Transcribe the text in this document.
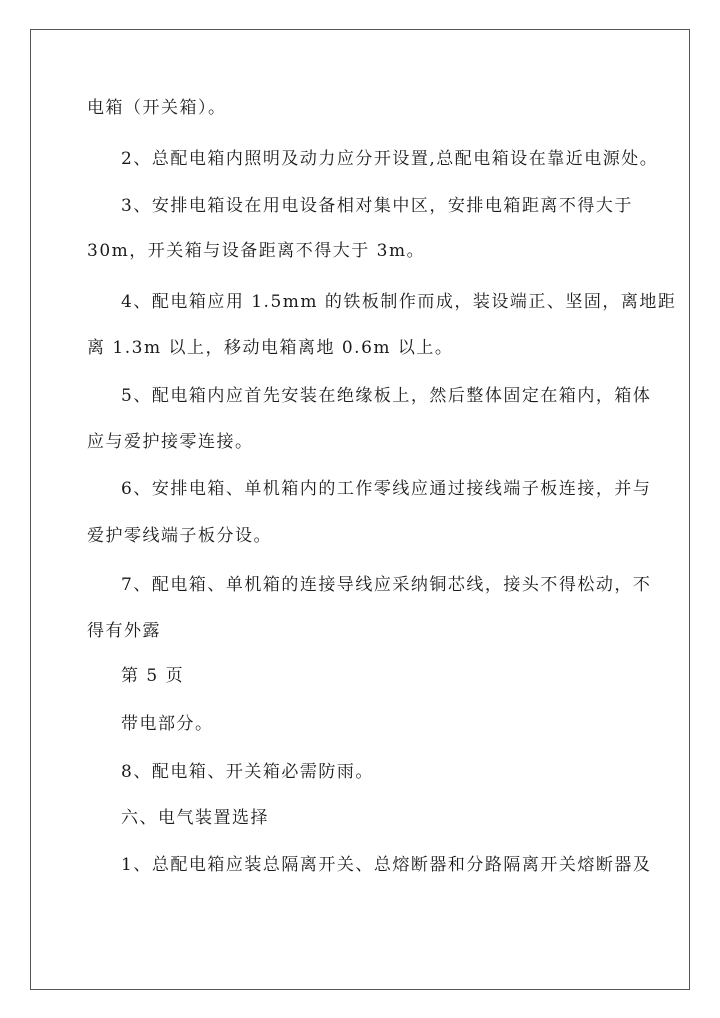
电箱（开关箱）。
2、总配电箱内照明及动力应分开设置,总配电箱设在靠近电源处。
3、安排电箱设在用电设备相对集中区，安排电箱距离不得大于
30m，开关箱与设备距离不得大于 3m。
4、配电箱应用 1.5mm 的铁板制作而成，装设端正、坚固，离地距
离 1.3m 以上，移动电箱离地 0.6m 以上。
5、配电箱内应首先安装在绝缘板上，然后整体固定在箱内，箱体
应与爱护接零连接。
6、安排电箱、单机箱内的工作零线应通过接线端子板连接，并与
爱护零线端子板分设。
7、配电箱、单机箱的连接导线应采纳铜芯线，接头不得松动，不
得有外露
第 5 页
带电部分。
8、配电箱、开关箱必需防雨。
六、电气装置选择
1、总配电箱应装总隔离开关、总熔断器和分路隔离开关熔断器及
